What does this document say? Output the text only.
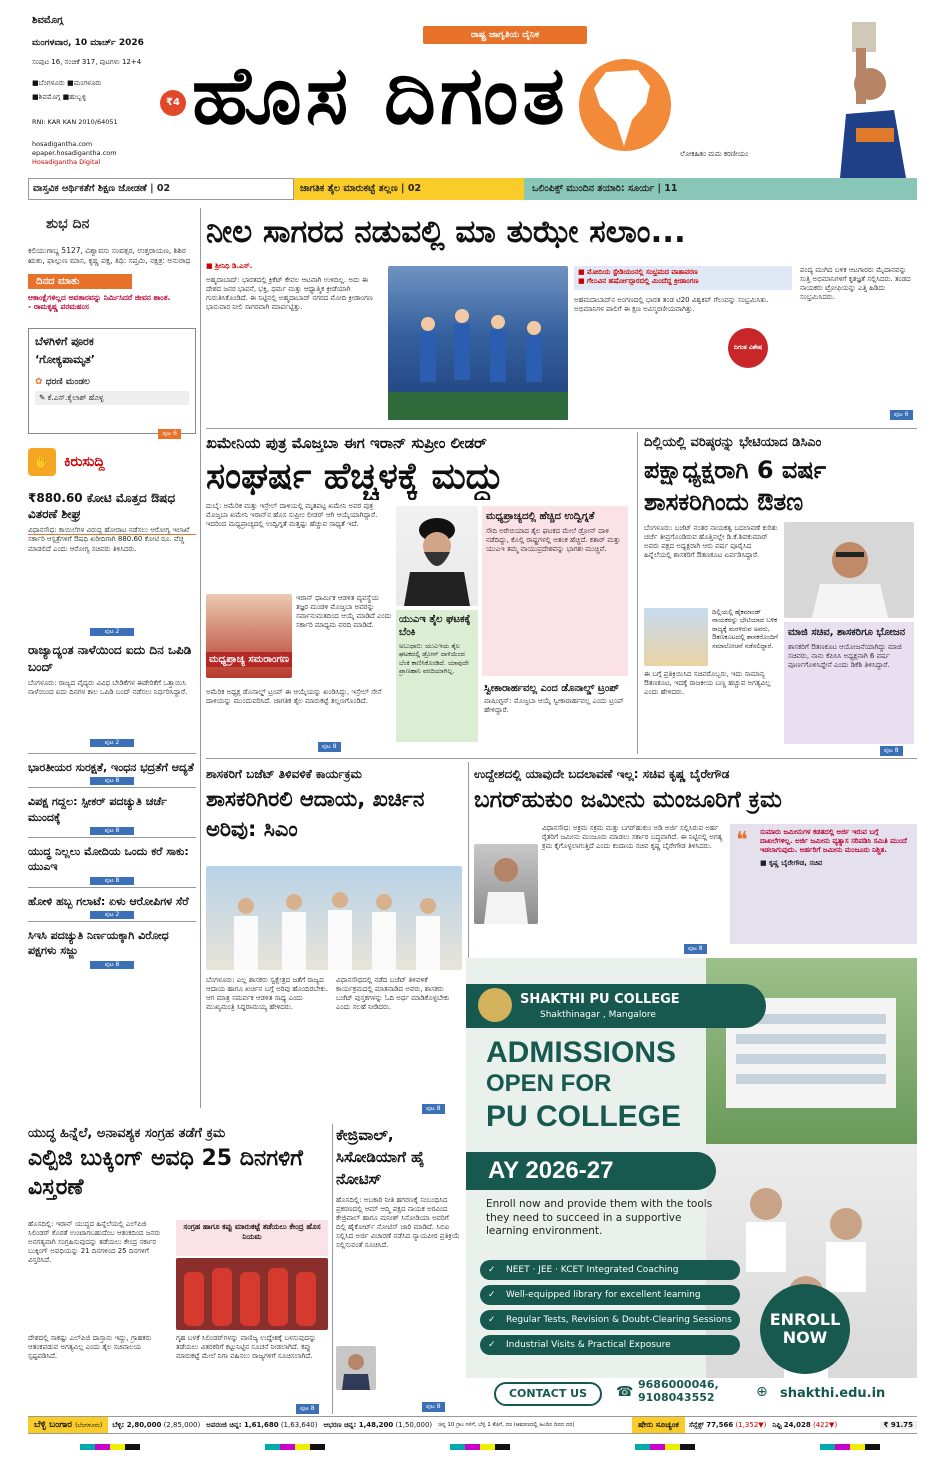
ಶಿವಮೊಗ್ಗ
ಮಂಗಳವಾರ, 10 ಮಾರ್ಚ್ 2026
ಸಂಪುಟ 16, ಸಂಚಿಕೆ 317, ಪುಟಗಳು 12+4
■ಬೆಂಗಳೂರು ■ಮಂಗಳೂರು
■ಶಿವಮೊಗ್ಗ ■ಹುಬ್ಬಳ್ಳಿ	₹4
RNI: KAR KAN 2010/64051
hosadigantha.com
epaper.hosadigantha.com
Hosadigantha Digital
ರಾಷ್ಟ್ರ ಜಾಗೃತಿಯ ದೈನಿಕ
ಹೊಸ ದಿಗಂತ
ಲೋಕಹಿತಂ ಮಮ ಕರಣೀಯಂ
ವಾಸ್ತವಿಕ ಆರ್ಥಿಕತೆಗೆ ಶಿಕ್ಷಣ ಜೋಡಣೆ | 02	ಜಾಗತಿಕ ತೈಲ ಮಾರುಕಟ್ಟೆ ತಲ್ಲಣ | 02	ಒಲಿಂಪಿಕ್ಸ್ ಮುಂದಿನ ತಯಾರಿ: ಸೂರ್ಯ | 11
ಶುಭ ದಿನ
ಕಲಿಯುಗಾಬ್ದ 5127, ವಿಶ್ವಾವಸು ಸಂವತ್ಸರ, ಉತ್ತರಾಯಣ, ಶಿಶಿರ ಋತು, ಫಾಲ್ಗುಣ ಮಾಸ, ಕೃಷ್ಣ ಪಕ್ಷ, ತಿಥಿ: ಸಪ್ತಮಿ, ನಕ್ಷತ್ರ: ಅನುರಾಧ
ದಿನದ ಮಾತು
ಆಕಾಂಕ್ಷೆಗಳಿಲ್ಲದ ಅವತಾರವನ್ನು ನಿರ್ಮಿಸಿದರೆ ಜೀವನ ಶಾಂತ.
- ರಾಮಕೃಷ್ಣ ಪರಮಹಂಸ
ಬೆಳಗಿಳಿಗೆ ಪೂರಕ
‘ಗೋಕ್ಯಪಾಮೃತ’
✿ ಧರಣಿ ಮಂಡಲ
✎ ಕೆ.ಎಸ್.ಕೈಲಾಶ್ ಹೊಳ್ಳ
ಪುಟ 6
✋ ಕಿರುಸುದ್ದಿ
₹880.60 ಕೋಟಿ ಮೊತ್ತದ ಔಷಧ ವಿತರಣೆ ಶೀಘ್ರ
ವಿಧಾನಸೌಧ: ಕಾಯಿಲೆಗಳ ವಿರುದ್ಧ ಹೋರಾಟ ನಡೆಸಲು ಆರೋಗ್ಯ ಇಲಾಖೆ ಸರ್ಕಾರಿ ಆಸ್ಪತ್ರೆಗಳಿಗೆ ಔಷಧಿ ಖರೀದಿಗಾಗಿ 880.60 ಕೋಟಿ ರೂ. ವೆಚ್ಚ ಮಾಡಲಿದೆ ಎಂದು ಆರೋಗ್ಯ ಸಚಿವರು ತಿಳಿಸಿದರು.
ಪುಟ 2
ರಾಜ್ಯಾದ್ಯಂತ ನಾಳೆಯಿಂದ ಐದು ದಿನ ಒಪಿಡಿ ಬಂದ್
ಬೆಂಗಳೂರು: ರಾಜ್ಯದ ವೈದ್ಯರು ವಿವಿಧ ಬೇಡಿಕೆಗಳ ಈಡೇರಿಕೆಗೆ ಒತ್ತಾಯಿಸಿ ನಾಳೆಯಿಂದ ಐದು ದಿನಗಳ ಕಾಲ ಒಪಿಡಿ ಬಂದ್ ನಡೆಸಲು ನಿರ್ಧರಿಸಿದ್ದಾರೆ.
ಪುಟ 2
ಭಾರತೀಯರ ಸುರಕ್ಷತೆ, ಇಂಧನ ಭದ್ರತೆಗೆ ಆದ್ಯತೆ
ಪುಟ 8
ವಿಪಕ್ಷ ಗದ್ದಲ: ಸ್ಪೀಕರ್ ಪದಚ್ಯುತಿ ಚರ್ಚೆ ಮುಂದಕ್ಕೆ
ಪುಟ 8
ಯುದ್ಧ ನಿಲ್ಲಲು ಮೋದಿಯ ಒಂದು ಕರೆ ಸಾಕು: ಯುಎಇ
ಪುಟ 8
ಹೋಳಿ ಹಬ್ಬ ಗಲಾಟೆ: ಏಳು ಆರೋಪಿಗಳ ಸೆರೆ
ಪುಟ 2
ಸಿಇಸಿ ಪದಚ್ಯುತಿ ನಿರ್ಣಯಕ್ಕಾಗಿ ವಿರೋಧ ಪಕ್ಷಗಳು ಸಜ್ಜು
ಪುಟ 8
ನೀಲ ಸಾಗರದ ನಡುವಲ್ಲಿ ಮಾ ತುಝೇ ಸಲಾಂ...
■ ಶ್ರೀನಿಧಿ ಡಿ.ಎಸ್.
ಅಹ್ಮದಾಬಾದ್: ಭಾರತದಲ್ಲಿ ಕ್ರಿಕೆಟ್ ಕೇವಲ ಆಟವಾಗಿ ಉಳಿದಿಲ್ಲ. ಅದು ಈ ದೇಶದ ಜನರ ಭಾವನೆ, ಭಕ್ತಿ, ಧರ್ಮ ಮತ್ತು ಆಧ್ಯಾತ್ಮಿಕ ಕ್ರೀಡೆಯಾಗಿ ಗುರುತಿಸಿಕೊಂಡಿದೆ. ಈ ನಿಟ್ಟಿನಲ್ಲಿ ಅಹ್ಮದಾಬಾದ್ ನಗರದ ಮೋದಿ ಕ್ರೀಡಾಂಗಣ ಭಾನುವಾರ ನೀಲಿ ಸಾಗರವಾಗಿ ಮಾರ್ಪಟ್ಟಿತ್ತು.
■ ಮೋದಿಯ ಸ್ಟೇಡಿಯಂನಲ್ಲಿ ಸಂಭ್ರಮದ ವಾತಾವರಣ
■ ಗೆಲುವಿನ ಹರ್ಷೋದ್ಗಾರದಲ್ಲಿ ಮಿಂದೆದ್ದ ಕ್ರೀಡಾಂಗಣ
ಅಹಮದಾಬಾದ್‌ನ ಅಂಗಣದಲ್ಲಿ ಭಾರತ ತಂಡ ಟಿ20 ವಿಶ್ವಕಪ್ ಗೆಲುವನ್ನು ಸಂಭ್ರಮಿಸಿತು. ಅಭಿಮಾನಿಗಳ ಪಾಲಿಗೆ ಈ ಕ್ಷಣ ಅವಿಸ್ಮರಣೀಯವಾಗಿತ್ತು.
ದಿಗಂತ ವಿಶೇಷ
ಪಂದ್ಯ ಮುಗಿದ ಬಳಿಕ ಆಟಗಾರರು ಮೈದಾನವನ್ನು ಸುತ್ತಿ ಅಭಿಮಾನಿಗಳಿಗೆ ಕೃತಜ್ಞತೆ ಸಲ್ಲಿಸಿದರು. ತಂಡದ ನಾಯಕರು ಟ್ರೋಫಿಯನ್ನು ಎತ್ತಿ ಹಿಡಿದು ಸಂಭ್ರಮಿಸಿದರು.
ಪುಟ 6
ಖಮೇನಿಯ ಪುತ್ರ ಮೊಜ್ತಬಾ ಈಗ ಇರಾನ್ ಸುಪ್ರೀಂ ಲೀಡರ್
ಸಂಘರ್ಷ ಹೆಚ್ಚಳಕ್ಕೆ ಮದ್ದು
ದುಬೈ: ಅಮೆರಿಕ ಮತ್ತು ಇಸ್ರೇಲ್ ದಾಳಿಯಲ್ಲಿ ಮೃತಪಟ್ಟ ಖಮೇನಿ ಅವರ ಪುತ್ರ ಮೊಜ್ತಬಾ ಖಮೇನಿ ಇರಾನ್‌ನ ಹೊಸ ಸುಪ್ರೀಂ ಲೀಡರ್ ಆಗಿ ಆಯ್ಕೆಯಾಗಿದ್ದಾರೆ. ಇದರಿಂದ ಮಧ್ಯಪ್ರಾಚ್ಯದಲ್ಲಿ ಉದ್ವಿಗ್ನತೆ ಮತ್ತಷ್ಟು ಹೆಚ್ಚುವ ಸಾಧ್ಯತೆ ಇದೆ.
ಮಧ್ಯಪ್ರಾಚ್ಯ ಸಮರಾಂಗಣ
ಇರಾನ್ ಧಾರ್ಮಿಕ ಆಡಳಿತ ವ್ಯವಸ್ಥೆಯ ತಜ್ಞರ ಮಂಡಳಿ ಮೊಜ್ತಬಾ ಅವರನ್ನು ಸರ್ವಾನುಮತದಿಂದ ಆಯ್ಕೆ ಮಾಡಿದೆ ಎಂದು ಸರ್ಕಾರಿ ಮಾಧ್ಯಮ ವರದಿ ಮಾಡಿದೆ.
ಅಮೆರಿಕ ಅಧ್ಯಕ್ಷ ಡೊನಾಲ್ಡ್ ಟ್ರಂಪ್ ಈ ಆಯ್ಕೆಯನ್ನು ಖಂಡಿಸಿದ್ದು, ಇಸ್ರೇಲ್ ಸೇನೆ ದಾಳಿಯನ್ನು ಮುಂದುವರಿಸಿದೆ. ಜಾಗತಿಕ ತೈಲ ಮಾರುಕಟ್ಟೆ ತಲ್ಲಣಗೊಂಡಿದೆ.
ಮಧ್ಯಪ್ರಾಚ್ಯದಲ್ಲಿ ಹೆಚ್ಚಿದ ಉದ್ವಿಗ್ನತೆ
ಸೌದಿ ಅರೇಬಿಯಾದ ತೈಲ ಘಟಕದ ಮೇಲೆ ಡ್ರೋನ್ ದಾಳಿ ನಡೆದಿದ್ದು, ಕೊಲ್ಲಿ ರಾಷ್ಟ್ರಗಳಲ್ಲಿ ಆತಂಕ ಹೆಚ್ಚಿದೆ. ಕತಾರ್ ಮತ್ತು ಯುಎಇ ತಮ್ಮ ವಾಯುಪ್ರದೇಶವನ್ನು ಭಾಗಶಃ ಮುಚ್ಚಿವೆ.
ಯುಎಇ ತೈಲ ಘಟಕಕ್ಕೆ ಬೆಂಕಿ
ಅಬುಧಾಬಿ: ಯುಎಇಯ ತೈಲ ಘಟಕದಲ್ಲಿ ಡ್ರೋನ್ ದಾಳಿಯಿಂದ ಬೆಂಕಿ ಕಾಣಿಸಿಕೊಂಡಿದೆ. ಯಾವುದೇ ಪ್ರಾಣಹಾನಿ ವರದಿಯಾಗಿಲ್ಲ.
ಸ್ವೀಕಾರಾರ್ಹವಲ್ಲ ಎಂದ ಡೊನಾಲ್ಡ್ ಟ್ರಂಪ್
ವಾಷಿಂಗ್ಟನ್: ಮೊಜ್ತಬಾ ಆಯ್ಕೆ ಸ್ವೀಕಾರಾರ್ಹವಲ್ಲ ಎಂದು ಟ್ರಂಪ್ ಹೇಳಿದ್ದಾರೆ.
ಪುಟ 8
ದಿಲ್ಲಿಯಲ್ಲಿ ವರಿಷ್ಠರನ್ನು ಭೇಟಿಯಾದ ಡಿಸಿಎಂ
ಪಕ್ಷಾಧ್ಯಕ್ಷರಾಗಿ 6 ವರ್ಷ ಶಾಸಕರಿಗಿಂದು ಔತಣ
ಬೆಂಗಳೂರು: ಬಜೆಟ್ ನಂತರ ನಾಯಕತ್ವ ಬದಲಾವಣೆ ಕುರಿತು ಚರ್ಚೆ ತೀವ್ರಗೊಂಡಿರುವ ಹೊತ್ತಿನಲ್ಲೇ ಡಿ.ಕೆ.ಶಿವಕುಮಾರ್ ಅವರು ಪಕ್ಷದ ಅಧ್ಯಕ್ಷರಾಗಿ ಆರು ವರ್ಷ ಪೂರೈಸಿದ ಹಿನ್ನೆಲೆಯಲ್ಲಿ ಶಾಸಕರಿಗೆ ಔತಣಕೂಟ ಏರ್ಪಡಿಸಿದ್ದಾರೆ.
ದಿಲ್ಲಿಯಲ್ಲಿ ಹೈಕಮಾಂಡ್ ನಾಯಕರನ್ನು ಭೇಟಿಯಾದ ಬಳಿಕ ರಾಜ್ಯಕ್ಕೆ ಮರಳಿರುವ ಅವರು, ಔತಣಕೂಟದಲ್ಲಿ ಶಾಸಕರೊಂದಿಗೆ ಸಮಾಲೋಚನೆ ನಡೆಸಲಿದ್ದಾರೆ.
ಈ ಬಗ್ಗೆ ಪ್ರತಿಕ್ರಿಯಿಸಿದ ಸಚಿವರೊಬ್ಬರು, ಇದು ಸಾಮಾನ್ಯ ಔತಣಕೂಟ, ಇದಕ್ಕೆ ರಾಜಕೀಯ ಬಣ್ಣ ಹಚ್ಚುವ ಅಗತ್ಯವಿಲ್ಲ ಎಂದು ಹೇಳಿದರು.
ಮಾಜಿ ಸಚಿವ, ಶಾಸಕರಿಗೂ ಭೋಜನ
ಶಾಸಕರಿಗೆ ಔತಣಕೂಟ ಆಯೋಜನೆಯಾಗಿದ್ದು ಮಾಜಿ ಸಚಿವರು, ನಾನು ಕೆಪಿಸಿಸಿ ಅಧ್ಯಕ್ಷನಾಗಿ 6 ವರ್ಷ ಪೂರ್ಣಗೊಳಿಸಿದ್ದೇನೆ ಎಂದು ಡಿಕೆಶಿ ತಿಳಿಸಿದ್ದಾರೆ.
ಪುಟ 8
ಶಾಸಕರಿಗೆ ಬಜೆಟ್ ತಿಳಿವಳಿಕೆ ಕಾರ್ಯಕ್ರಮ
ಶಾಸಕರಿಗಿರಲಿ ಆದಾಯ, ಖರ್ಚಿನ ಅರಿವು: ಸಿಎಂ
ಬೆಂಗಳೂರು: ಎಲ್ಲ ಶಾಸಕರು ಸ್ವಕ್ಷೇತ್ರದ ಜತೆಗೆ ರಾಜ್ಯದ ಆದಾಯ ಹಾಗೂ ಖರ್ಚಿನ ಬಗ್ಗೆ ಅರಿವು ಹೊಂದಿರಬೇಕು. ಆಗ ಮಾತ್ರ ಸಮರ್ಪಕ ಆಡಳಿತ ಸಾಧ್ಯ ಎಂದು ಮುಖ್ಯಮಂತ್ರಿ ಸಿದ್ದರಾಮಯ್ಯ ಹೇಳಿದರು.
ವಿಧಾನಸೌಧದಲ್ಲಿ ನಡೆದ ಬಜೆಟ್ ತಿಳಿವಳಿಕೆ ಕಾರ್ಯಕ್ರಮದಲ್ಲಿ ಮಾತನಾಡಿದ ಅವರು, ಶಾಸಕರು ಬಜೆಟ್ ಪುಸ್ತಕಗಳನ್ನು ಓದಿ ಅರ್ಥ ಮಾಡಿಕೊಳ್ಳಬೇಕು ಎಂದು ಸಲಹೆ ನೀಡಿದರು.
ಪುಟ 8
ಉದ್ದೇಶದಲ್ಲಿ ಯಾವುದೇ ಬದಲಾವಣೆ ಇಲ್ಲ: ಸಚಿವ ಕೃಷ್ಣ ಬೈರೇಗೌಡ
ಬಗರ್‌ಹುಕುಂ ಜಮೀನು ಮಂಜೂರಿಗೆ ಕ್ರಮ
ವಿಧಾನಸೌಧ: ಅಕ್ರಮ ಸಕ್ರಮ ಮತ್ತು ಬಗರ್‌ಹುಕುಂ ಅಡಿ ಅರ್ಜಿ ಸಲ್ಲಿಸಿರುವ ಅರ್ಹ ರೈತರಿಗೆ ಜಮೀನು ಮಂಜೂರು ಮಾಡಲು ಸರ್ಕಾರ ಬದ್ಧವಾಗಿದೆ. ಈ ನಿಟ್ಟಿನಲ್ಲಿ ಅಗತ್ಯ ಕ್ರಮ ಕೈಗೊಳ್ಳಲಾಗುತ್ತಿದೆ ಎಂದು ಕಂದಾಯ ಸಚಿವ ಕೃಷ್ಣ ಬೈರೇಗೌಡ ತಿಳಿಸಿದರು.	❝ ಸುಮಾರು ಜಮೀನುಗಳ ಕಡತದಲ್ಲಿ ಅರ್ಜಿ ಇರುವ ಬಗ್ಗೆ ದಾಖಲೆಗಳಿಲ್ಲ. ಅರ್ಜಿ ಜಮೀನು ವ್ಯತ್ಯಾಸ ಸರಿಪಡಿಸಿ ಸಮಿತಿ ಮುಂದೆ ಇಡಲಾಗುವುದು. ಅರ್ಹರಿಗೆ ಜಮೀನು ಮಂಜೂರು ನಿಶ್ಚಿತ.
■ ಕೃಷ್ಣ ಬೈರೇಗೌಡ, ಸಚಿವ
ಪುಟ 8
SHAKTHI PU COLLEGE
Shakthinagar , Mangalore
ADMISSIONS
OPEN FOR
PU COLLEGE
AY 2026-27
Enroll now and provide them with the tools they need to succeed in a supportive learning environment.
✓ NEET · JEE · KCET Integrated Coaching
✓ Well-equipped library for excellent learning
✓ Regular Tests, Revision & Doubt-Clearing Sessions
✓ Industrial Visits & Practical Exposure
ENROLL NOW
CONTACT US	☎ 9686000046, 9108043552	⊕ shakthi.edu.in
ಯುದ್ಧ ಹಿನ್ನೆಲೆ, ಅನಾವಶ್ಯಕ ಸಂಗ್ರಹ ತಡೆಗೆ ಕ್ರಮ
ಎಲ್ಪಿಜಿ ಬುಕ್ಕಿಂಗ್ ಅವಧಿ 25 ದಿನಗಳಿಗೆ ವಿಸ್ತರಣೆ
ಹೊಸದಿಲ್ಲಿ: ಇರಾನ್ ಯುದ್ಧದ ಹಿನ್ನೆಲೆಯಲ್ಲಿ ಎಲ್‌ಪಿಜಿ ಸಿಲಿಂಡರ್ ಕೊರತೆ ಉಂಟಾಗಬಹುದೆಂಬ ಆತಂಕದಿಂದ ಜನರು ಅನಗತ್ಯವಾಗಿ ಸಂಗ್ರಹಿಸುವುದನ್ನು ತಡೆಯಲು ಕೇಂದ್ರ ಸರ್ಕಾರ ಬುಕ್ಕಿಂಗ್ ಅವಧಿಯನ್ನು 21 ದಿನಗಳಿಂದ 25 ದಿನಗಳಿಗೆ ವಿಸ್ತರಿಸಿದೆ.
ಸಂಗ್ರಹ ಹಾಗೂ ಕಪ್ಪು ಮಾರುಕಟ್ಟೆ ತಡೆಯಲು ಕೇಂದ್ರ ಹೊಸ ನಿಯಮ
ದೇಶದಲ್ಲಿ ಸಾಕಷ್ಟು ಎಲ್‌ಪಿಜಿ ದಾಸ್ತಾನು ಇದ್ದು, ಗ್ರಾಹಕರು ಆತಂಕಪಡುವ ಅಗತ್ಯವಿಲ್ಲ ಎಂದು ತೈಲ ಸಚಿವಾಲಯ ಸ್ಪಷ್ಟಪಡಿಸಿದೆ.
ಗೃಹ ಬಳಕೆ ಸಿಲಿಂಡರ್‌ಗಳನ್ನು ವಾಣಿಜ್ಯ ಉದ್ದೇಶಕ್ಕೆ ಬಳಸುವುದನ್ನು ತಡೆಯಲು ವಿತರಕರಿಗೆ ಕಟ್ಟುನಿಟ್ಟಿನ ಸೂಚನೆ ನೀಡಲಾಗಿದೆ. ಕಪ್ಪು ಮಾರುಕಟ್ಟೆ ಮೇಲೆ ನಿಗಾ ವಹಿಸಲು ರಾಜ್ಯಗಳಿಗೆ ಸೂಚಿಸಲಾಗಿದೆ.
ಪುಟ 8
ಕೇಜ್ರಿವಾಲ್, ಸಿಸೋಡಿಯಾಗೆ ಹೈ ನೋಟಿಸ್
ಹೊಸದಿಲ್ಲಿ: ಅಬಕಾರಿ ನೀತಿ ಹಗರಣಕ್ಕೆ ಸಂಬಂಧಿಸಿದ ಪ್ರಕರಣದಲ್ಲಿ ಆಮ್ ಆದ್ಮಿ ಪಕ್ಷದ ನಾಯಕ ಅರವಿಂದ ಕೇಜ್ರಿವಾಲ್ ಹಾಗೂ ಮನೀಶ್ ಸಿಸೋಡಿಯಾ ಅವರಿಗೆ ದಿಲ್ಲಿ ಹೈಕೋರ್ಟ್ ನೋಟಿಸ್ ಜಾರಿ ಮಾಡಿದೆ. ಸಿಬಿಐ ಸಲ್ಲಿಸಿದ ಅರ್ಜಿ ವಿಚಾರಣೆ ನಡೆಸಿದ ನ್ಯಾಯಪೀಠ ಪ್ರತಿಕ್ರಿಯೆ ಸಲ್ಲಿಸುವಂತೆ ಸೂಚಿಸಿದೆ.
ಪುಟ 8
ಬೆಳ್ಳಿ ಬಂಗಾರ (ಬೆಂಗಳೂರು)	ಬೆಳ್ಳಿ: 2,80,000 (2,85,000) ಅಪರಂಜಿ ಚಿನ್ನ: 1,61,680 (1,63,640) ಆಭರಣ ಚಿನ್ನ: 1,48,200 (1,50,000) ಚಿನ್ನ 10 ಗ್ರಾಂ ಗಳಿಗೆ, ಬೆಳ್ಳಿ 1 ಕೆಜಿಗೆ, ದರ (ಆವರಣದಲ್ಲಿ ಹಿಂದಿನ ದಿನದ ದರ)	ಷೇರು ಸೂಚ್ಯಂಕ	ಸೆನ್ಸೆಕ್ಸ್ 77,566 (1,352▼) ನಿಫ್ಟಿ 24,028 (422▼)	₹ 91.75
